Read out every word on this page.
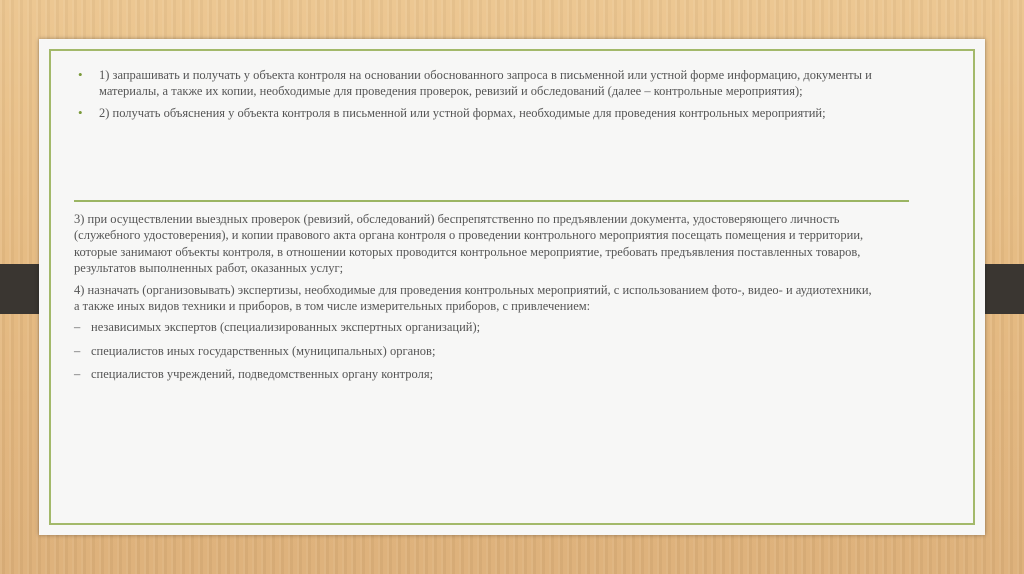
• 1) запрашивать и получать у объекта контроля на основании обоснованного запроса в письменной или устной форме информацию, документы и материалы, а также их копии, необходимые для проведения проверок, ревизий и обследований (далее – контрольные мероприятия);
• 2) получать объяснения у объекта контроля в письменной или устной формах, необходимые для проведения контрольных мероприятий;
3) при осуществлении выездных проверок (ревизий, обследований) беспрепятственно по предъявлении документа, удостоверяющего личность (служебного удостоверения), и копии правового акта органа контроля о проведении контрольного мероприятия посещать помещения и территории, которые занимают объекты контроля, в отношении которых проводится контрольное мероприятие, требовать предъявления поставленных товаров, результатов выполненных работ, оказанных услуг;
4) назначать (организовывать) экспертизы, необходимые для проведения контрольных мероприятий, с использованием фото-, видео- и аудиотехники, а также иных видов техники и приборов, в том числе измерительных приборов, с привлечением:
– независимых экспертов (специализированных экспертных организаций);
– специалистов иных государственных (муниципальных) органов;
– специалистов учреждений, подведомственных органу контроля;
